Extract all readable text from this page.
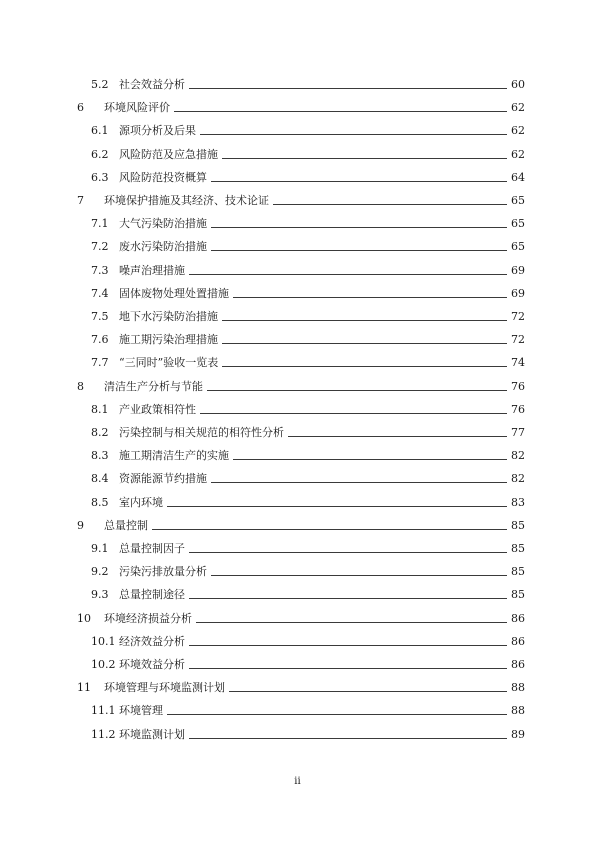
5.2 社会效益分析	60
6 环境风险评价	62
6.1 源项分析及后果	62
6.2 风险防范及应急措施	62
6.3 风险防范投资概算	64
7 环境保护措施及其经济、技术论证	65
7.1 大气污染防治措施	65
7.2 废水污染防治措施	65
7.3 噪声治理措施	69
7.4 固体废物处理处置措施	69
7.5 地下水污染防治措施	72
7.6 施工期污染治理措施	72
7.7 “三同时”验收一览表	74
8 清洁生产分析与节能	76
8.1 产业政策相符性	76
8.2 污染控制与相关规范的相符性分析	77
8.3 施工期清洁生产的实施	82
8.4 资源能源节约措施	82
8.5 室内环境	83
9 总量控制	85
9.1 总量控制因子	85
9.2 污染污排放量分析	85
9.3 总量控制途径	85
10 环境经济损益分析	86
10.1 经济效益分析	86
10.2 环境效益分析	86
11 环境管理与环境监测计划	88
11.1 环境管理	88
11.2 环境监测计划	89
ii
